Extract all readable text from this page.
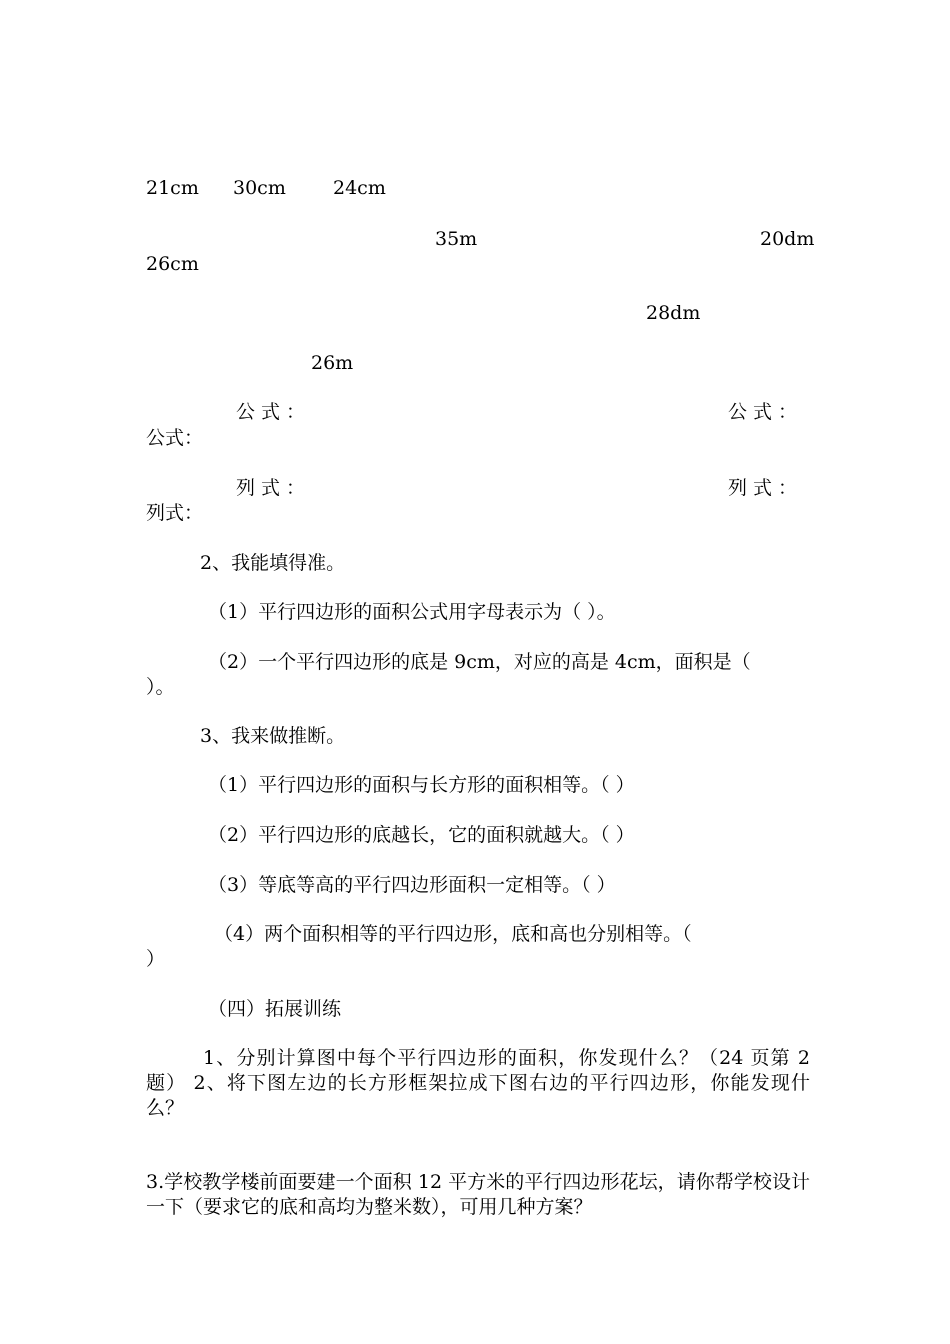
21cm 30cm 24cm
35m	20dm
26cm
28dm
26m
公式：	公式：
公式：
列式：	列式：
列式：
2、我能填得准。
（1）平行四边形的面积公式用字母表示为（ ）。
（2）一个平行四边形的底是 9cm，对应的高是 4cm，面积是（
）。
3、我来做推断。
（1）平行四边形的面积与长方形的面积相等。（ ）
（2）平行四边形的底越长，它的面积就越大。（ ）
（3）等底等高的平行四边形面积一定相等。（ ）
（4）两个面积相等的平行四边形，底和高也分别相等。（
）
（四）拓展训练
1、分别计算图中每个平行四边形的面积，你发现什么？（24 页第 2 题） 2、将下图左边的长方形框架拉成下图右边的平行四边形，你能发现什么？
3.学校教学楼前面要建一个面积 12 平方米的平行四边形花坛，请你帮学校设计一下（要求它的底和高均为整米数），可用几种方案？
